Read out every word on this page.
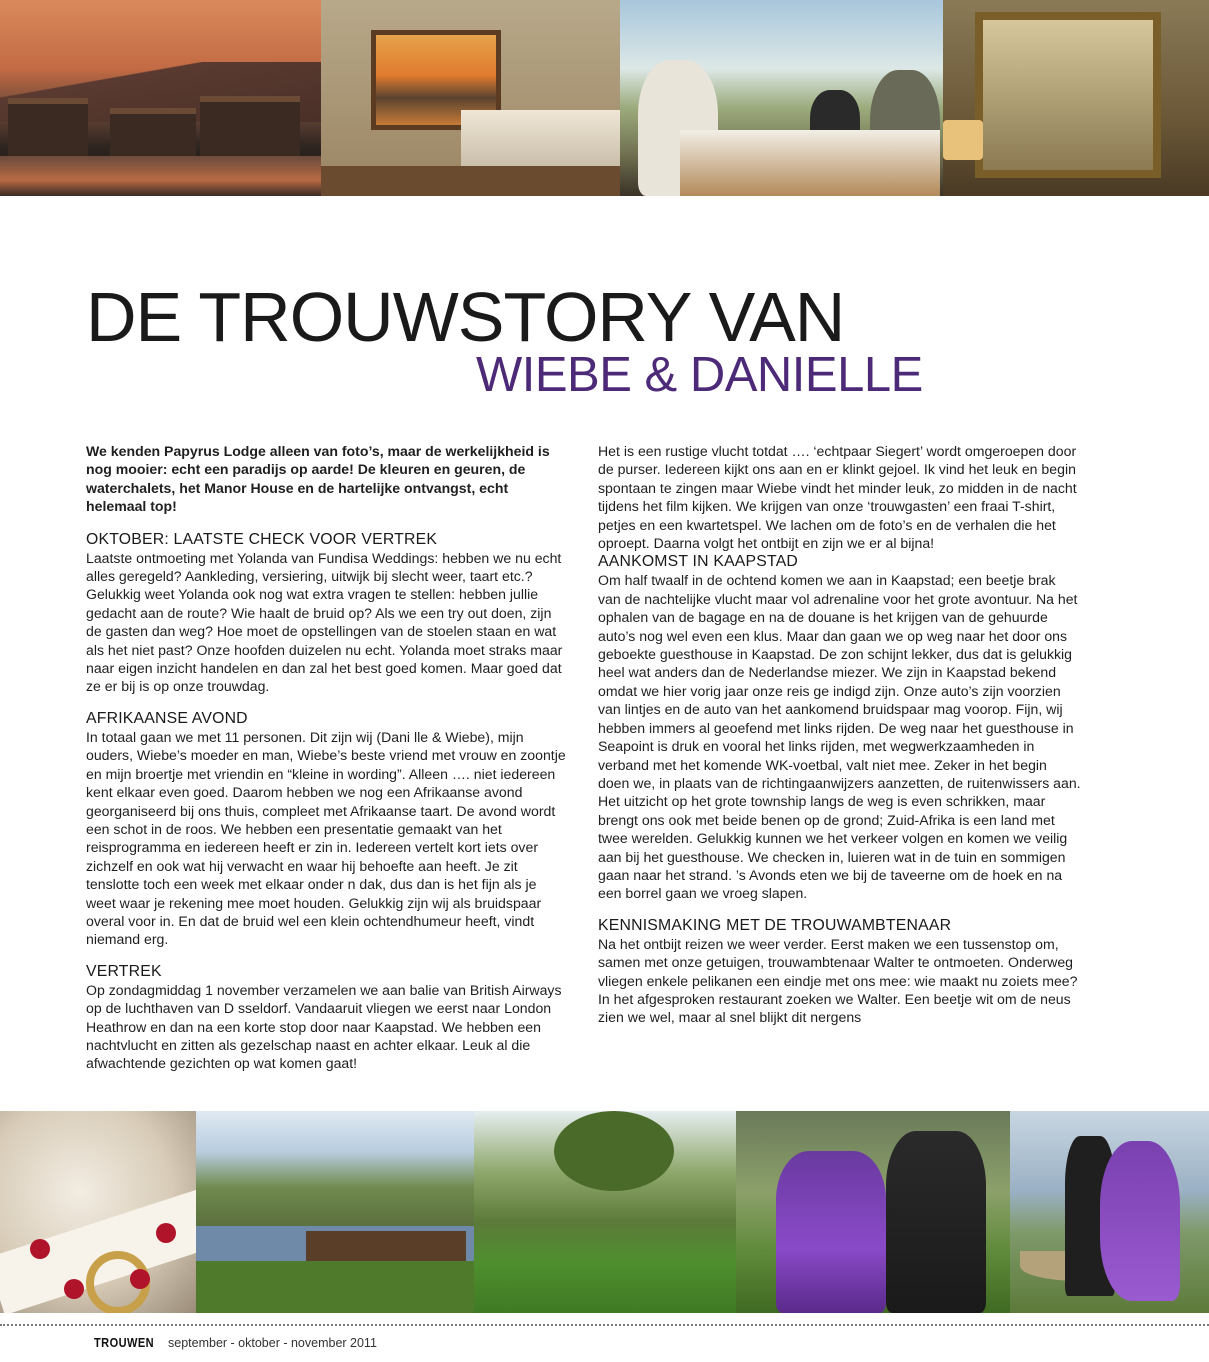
DE TROUWSTORY VAN
WIEBE & DANIELLE

We kenden Papyrus Lodge alleen van foto’s, maar de werkelijkheid is nog mooier: echt een paradijs op aarde! De kleuren en geuren, de waterchalets, het Manor House en de hartelijke ontvangst, echt helemaal top!

OKTOBER: LAATSTE CHECK VOOR VERTREK

Laatste ontmoeting met Yolanda van Fundisa Weddings: hebben we nu echt alles geregeld? Aankleding, versiering, uitwijk bij slecht weer, taart etc.? Gelukkig weet Yolanda ook nog wat extra vragen te stellen: hebben jullie gedacht aan de route? Wie haalt de bruid op? Als we een try out doen, zijn de gasten dan weg? Hoe moet de opstellingen van de stoelen staan en wat als het niet past? Onze hoofden duizelen nu echt. Yolanda moet straks maar naar eigen inzicht handelen en dan zal het best goed komen. Maar goed dat ze er bij is op onze trouwdag.

AFRIKAANSE AVOND

In totaal gaan we met 11 personen. Dit zijn wij (Dani lle & Wiebe), mijn ouders, Wiebe’s moeder en man, Wiebe’s beste vriend met vrouw en zoontje en mijn broertje met vriendin en “kleine in wording”. Alleen …. niet iedereen kent elkaar even goed. Daarom hebben we nog een Afrikaanse avond georganiseerd bij ons thuis, compleet met Afrikaanse taart. De avond wordt een schot in de roos. We hebben een presentatie gemaakt van het reisprogramma en iedereen heeft er zin in. Iedereen vertelt kort iets over zichzelf en ook wat hij verwacht en waar hij behoefte aan heeft. Je zit tenslotte toch een week met elkaar onder n dak, dus dan is het fijn als je weet waar je rekening mee moet houden. Gelukkig zijn wij als bruidspaar overal voor in. En dat de bruid wel een klein ochtendhumeur heeft, vindt niemand erg.

VERTREK

Op zondagmiddag 1 november verzamelen we aan balie van British Airways op de luchthaven van D sseldorf. Vandaaruit vliegen we eerst naar London Heathrow en dan na een korte stop door naar Kaapstad. We hebben een nachtvlucht en zitten als gezelschap naast en achter elkaar. Leuk al die afwachtende gezichten op wat komen gaat!

Het is een rustige vlucht totdat …. ‘echtpaar Siegert’ wordt omgeroepen door de purser. Iedereen kijkt ons aan en er klinkt gejoel. Ik vind het leuk en begin spontaan te zingen maar Wiebe vindt het minder leuk, zo midden in de nacht tijdens het film kijken. We krijgen van onze ‘trouwgasten’ een fraai T-shirt, petjes en een kwartetspel. We lachen om de foto’s en de verhalen die het oproept. Daarna volgt het ontbijt en zijn we er al bijna!

AANKOMST IN KAAPSTAD

Om half twaalf in de ochtend komen we aan in Kaapstad; een beetje brak van de nachtelijke vlucht maar vol adrenaline voor het grote avontuur. Na het ophalen van de bagage en na de douane is het krijgen van de gehuurde auto’s nog wel even een klus. Maar dan gaan we op weg naar het door ons geboekte guesthouse in Kaapstad. De zon schijnt lekker, dus dat is gelukkig heel wat anders dan de Nederlandse miezer. We zijn in Kaapstad bekend omdat we hier vorig jaar onze reis ge indigd zijn. Onze auto’s zijn voorzien van lintjes en de auto van het aankomend bruidspaar mag voorop. Fijn, wij hebben immers al geoefend met links rijden. De weg naar het guesthouse in Seapoint is druk en vooral het links rijden, met wegwerkzaamheden in verband met het komende WK-voetbal, valt niet mee. Zeker in het begin doen we, in plaats van de richtingaanwijzers aanzetten, de ruitenwissers aan. Het uitzicht op het grote township langs de weg is even schrikken, maar brengt ons ook met beide benen op de grond; Zuid-Afrika is een land met twee werelden. Gelukkig kunnen we het verkeer volgen en komen we veilig aan bij het guesthouse. We checken in, luieren wat in de tuin en sommigen gaan naar het strand. ’s Avonds eten we bij de taveerne om de hoek en na een borrel gaan we vroeg slapen.

KENNISMAKING MET DE TROUWAMBTENAAR

Na het ontbijt reizen we weer verder. Eerst maken we een tussenstop om, samen met onze getuigen, trouwambtenaar Walter te ontmoeten. Onderweg vliegen enkele pelikanen een eindje met ons mee: wie maakt nu zoiets mee? In het afgesproken restaurant zoeken we Walter. Een beetje wit om de neus zien we wel, maar al snel blijkt dit nergens

TROUWEN september - oktober - november 2011
